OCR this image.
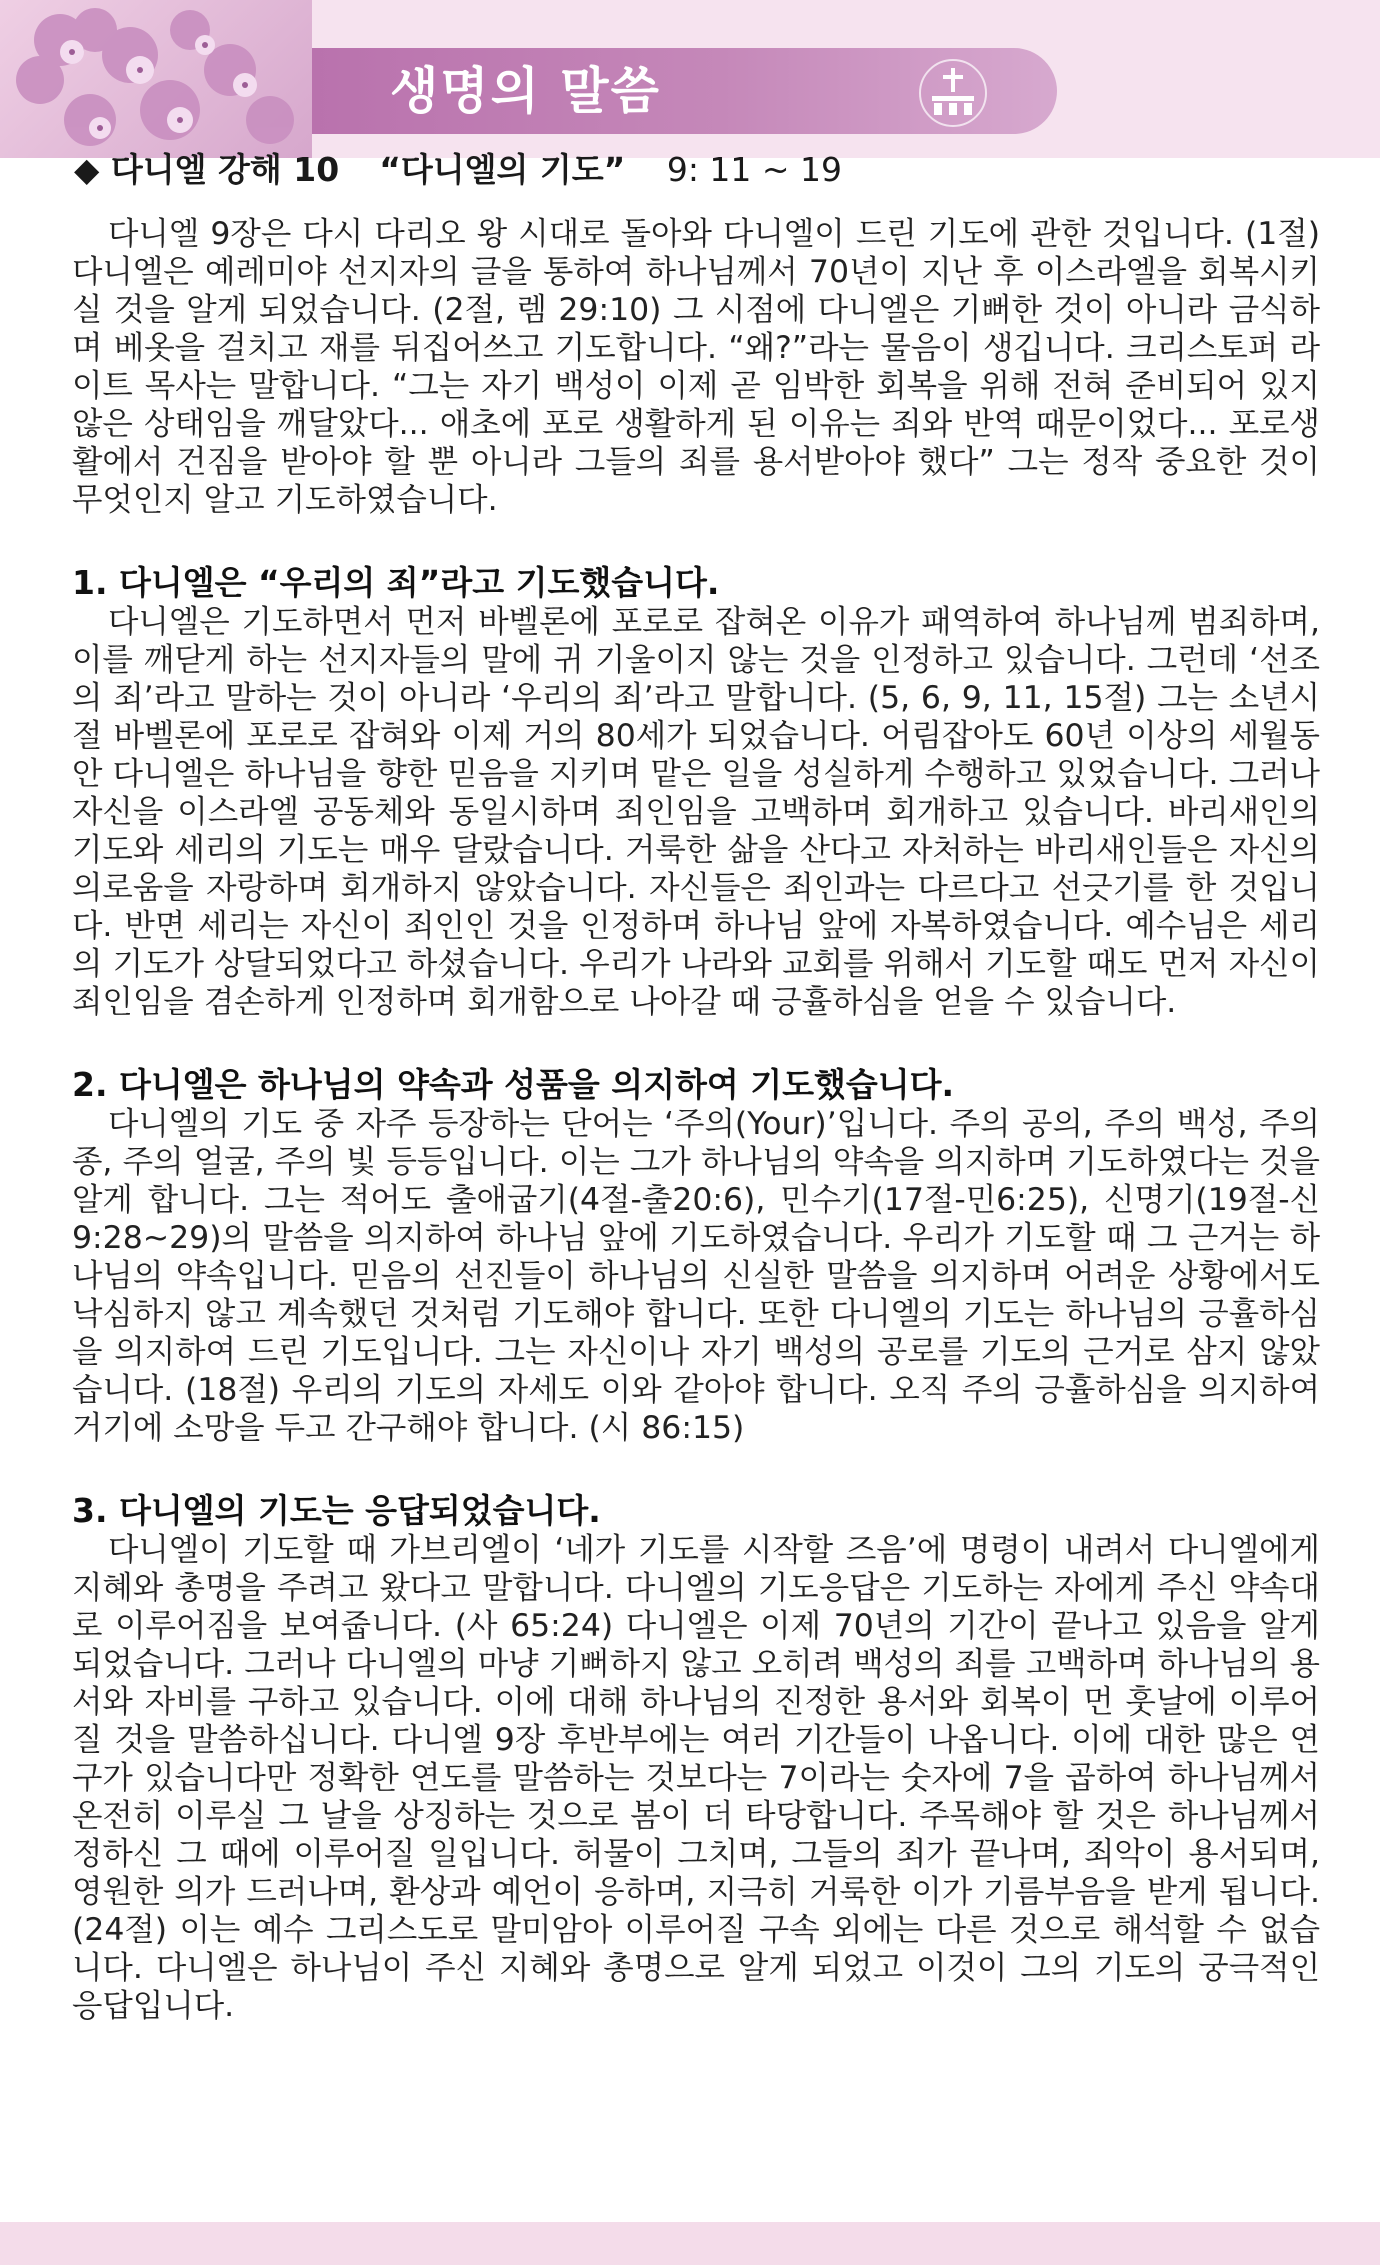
생명의 말씀
◆ 다니엘 강해 10 “다니엘의 기도” 9: 11 ~ 19

다니엘 9장은 다시 다리오 왕 시대로 돌아와 다니엘이 드린 기도에 관한 것입니다. (1절) 다니엘은 예레미야 선지자의 글을 통하여 하나님께서 70년이 지난 후 이스라엘을 회복시키실 것을 알게 되었습니다. (2절, 렘 29:10) 그 시점에 다니엘은 기뻐한 것이 아니라 금식하며 베옷을 걸치고 재를 뒤집어쓰고 기도합니다. “왜?”라는 물음이 생깁니다. 크리스토퍼 라이트 목사는 말합니다. “그는 자기 백성이 이제 곧 임박한 회복을 위해 전혀 준비되어 있지 않은 상태임을 깨달았다... 애초에 포로 생활하게 된 이유는 죄와 반역 때문이었다... 포로생활에서 건짐을 받아야 할 뿐 아니라 그들의 죄를 용서받아야 했다” 그는 정작 중요한 것이 무엇인지 알고 기도하였습니다.

1. 다니엘은 “우리의 죄”라고 기도했습니다.

다니엘은 기도하면서 먼저 바벨론에 포로로 잡혀온 이유가 패역하여 하나님께 범죄하며, 이를 깨닫게 하는 선지자들의 말에 귀 기울이지 않는 것을 인정하고 있습니다. 그런데 ‘선조의 죄’라고 말하는 것이 아니라 ‘우리의 죄’라고 말합니다. (5, 6, 9, 11, 15절) 그는 소년시절 바벨론에 포로로 잡혀와 이제 거의 80세가 되었습니다. 어림잡아도 60년 이상의 세월동안 다니엘은 하나님을 향한 믿음을 지키며 맡은 일을 성실하게 수행하고 있었습니다. 그러나 자신을 이스라엘 공동체와 동일시하며 죄인임을 고백하며 회개하고 있습니다. 바리새인의 기도와 세리의 기도는 매우 달랐습니다. 거룩한 삶을 산다고 자처하는 바리새인들은 자신의 의로움을 자랑하며 회개하지 않았습니다. 자신들은 죄인과는 다르다고 선긋기를 한 것입니다. 반면 세리는 자신이 죄인인 것을 인정하며 하나님 앞에 자복하였습니다. 예수님은 세리의 기도가 상달되었다고 하셨습니다. 우리가 나라와 교회를 위해서 기도할 때도 먼저 자신이 죄인임을 겸손하게 인정하며 회개함으로 나아갈 때 긍휼하심을 얻을 수 있습니다.

2. 다니엘은 하나님의 약속과 성품을 의지하여 기도했습니다.

다니엘의 기도 중 자주 등장하는 단어는 ‘주의(Your)’입니다. 주의 공의, 주의 백성, 주의 종, 주의 얼굴, 주의 빛 등등입니다. 이는 그가 하나님의 약속을 의지하며 기도하였다는 것을 알게 합니다. 그는 적어도 출애굽기(4절-출20:6), 민수기(17절-민6:25), 신명기(19절-신9:28~29)의 말씀을 의지하여 하나님 앞에 기도하였습니다. 우리가 기도할 때 그 근거는 하나님의 약속입니다. 믿음의 선진들이 하나님의 신실한 말씀을 의지하며 어려운 상황에서도 낙심하지 않고 계속했던 것처럼 기도해야 합니다. 또한 다니엘의 기도는 하나님의 긍휼하심을 의지하여 드린 기도입니다. 그는 자신이나 자기 백성의 공로를 기도의 근거로 삼지 않았습니다. (18절) 우리의 기도의 자세도 이와 같아야 합니다. 오직 주의 긍휼하심을 의지하여 거기에 소망을 두고 간구해야 합니다. (시 86:15)

3. 다니엘의 기도는 응답되었습니다.

다니엘이 기도할 때 가브리엘이 ‘네가 기도를 시작할 즈음’에 명령이 내려서 다니엘에게 지혜와 총명을 주려고 왔다고 말합니다. 다니엘의 기도응답은 기도하는 자에게 주신 약속대로 이루어짐을 보여줍니다. (사 65:24) 다니엘은 이제 70년의 기간이 끝나고 있음을 알게 되었습니다. 그러나 다니엘의 마냥 기뻐하지 않고 오히려 백성의 죄를 고백하며 하나님의 용서와 자비를 구하고 있습니다. 이에 대해 하나님의 진정한 용서와 회복이 먼 훗날에 이루어 질 것을 말씀하십니다. 다니엘 9장 후반부에는 여러 기간들이 나옵니다. 이에 대한 많은 연구가 있습니다만 정확한 연도를 말씀하는 것보다는 7이라는 숫자에 7을 곱하여 하나님께서 온전히 이루실 그 날을 상징하는 것으로 봄이 더 타당합니다. 주목해야 할 것은 하나님께서 정하신 그 때에 이루어질 일입니다. 허물이 그치며, 그들의 죄가 끝나며, 죄악이 용서되며, 영원한 의가 드러나며, 환상과 예언이 응하며, 지극히 거룩한 이가 기름부음을 받게 됩니다. (24절) 이는 예수 그리스도로 말미암아 이루어질 구속 외에는 다른 것으로 해석할 수 없습니다. 다니엘은 하나님이 주신 지혜와 총명으로 알게 되었고 이것이 그의 기도의 궁극적인 응답입니다.
